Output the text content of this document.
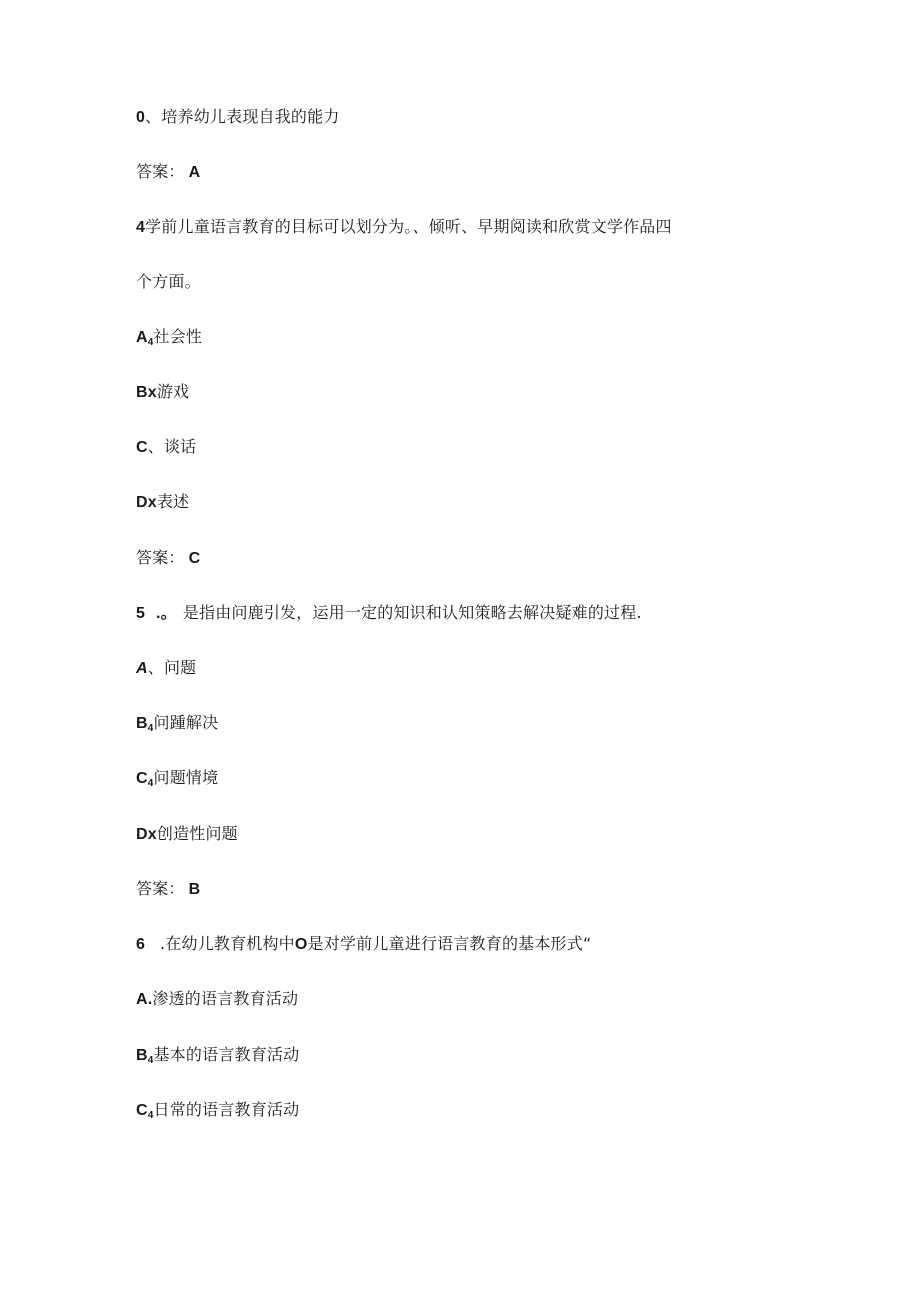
0、培养幼儿表现自我的能力
答案： A
4学前儿童语言教育的目标可以划分为。、倾听、早期阅读和欣赏文学作品四
个方面。
A4社会性
Bx游戏
C、谈话
Dx表述
答案： C
5 .。 是指由问鹿引发，运用一定的知识和认知策略去解决疑难的过程.
A、问题
B4问踵解决
C4问题情境
Dx创造性问题
答案： B
6 .在幼儿教育机构中O是对学前儿童进行语言教育的基本形式“
A.渗透的语言教育活动
B4基本的语言教育活动
C4日常的语言教育活动
